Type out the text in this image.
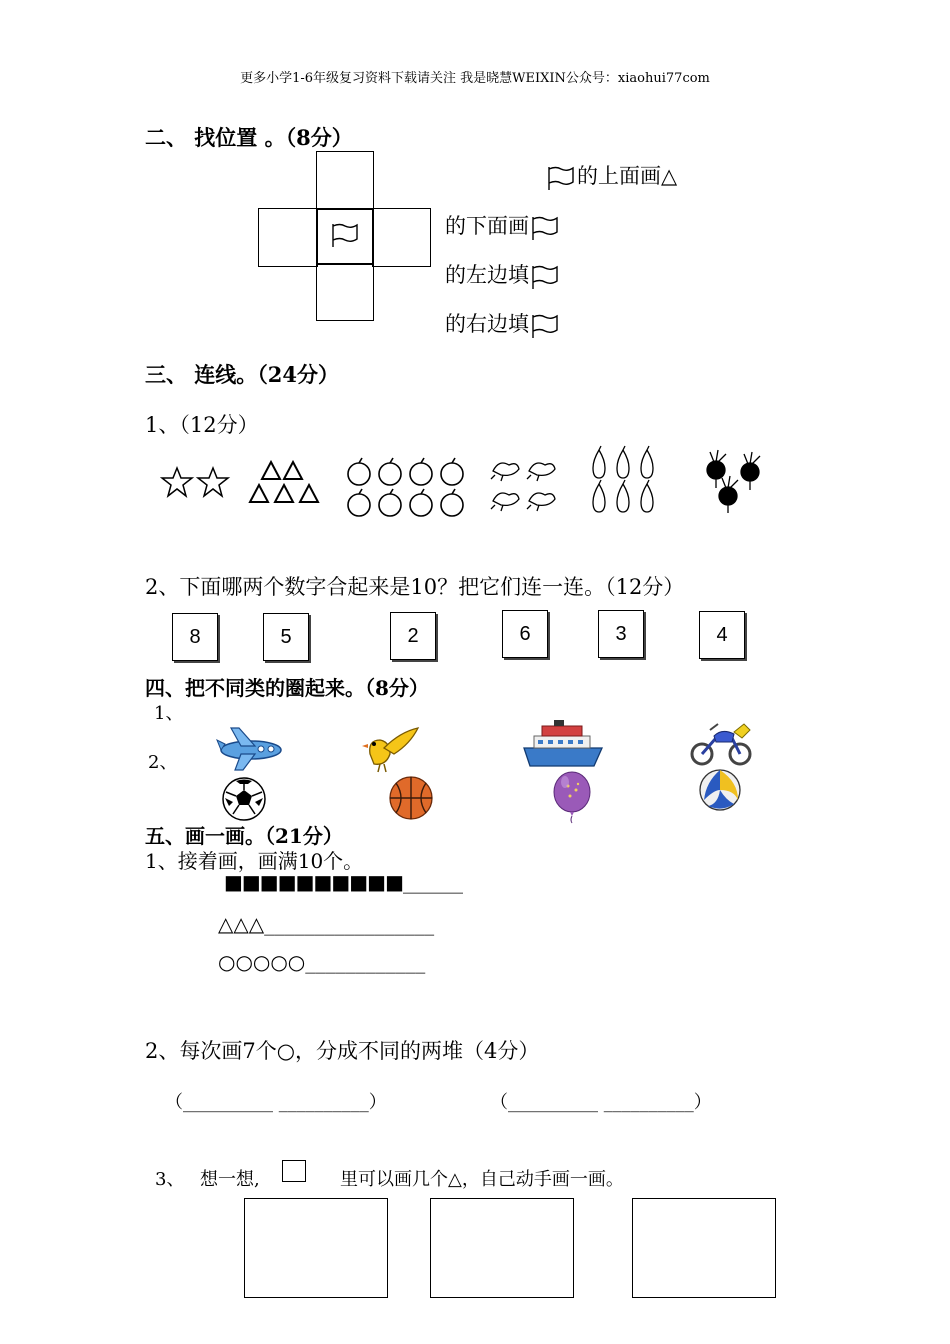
更多小学1-6年级复习资料下载请关注 我是晓慧WEIXIN公众号：xiaohui77com
二、 找位置 。（8分）
的上面画△
的下面画
的左边填
的右边填
三、 连线。（24分）
1、（12分）
2、下面哪两个数字合起来是10？把它们连一连。（12分）
8	5	2	6	3	4
四、把不同类的圈起来。（8分）
1、
2、
五、画一画。（21分）
1、接着画，画满10个。
■■■■■■■■■■______
△△△_________________
○○○○○____________
2、每次画7个○，分成不同的两堆（4分）
（__________ __________）	（__________ __________）
3、 想一想,	里可以画几个△，自己动手画一画。
